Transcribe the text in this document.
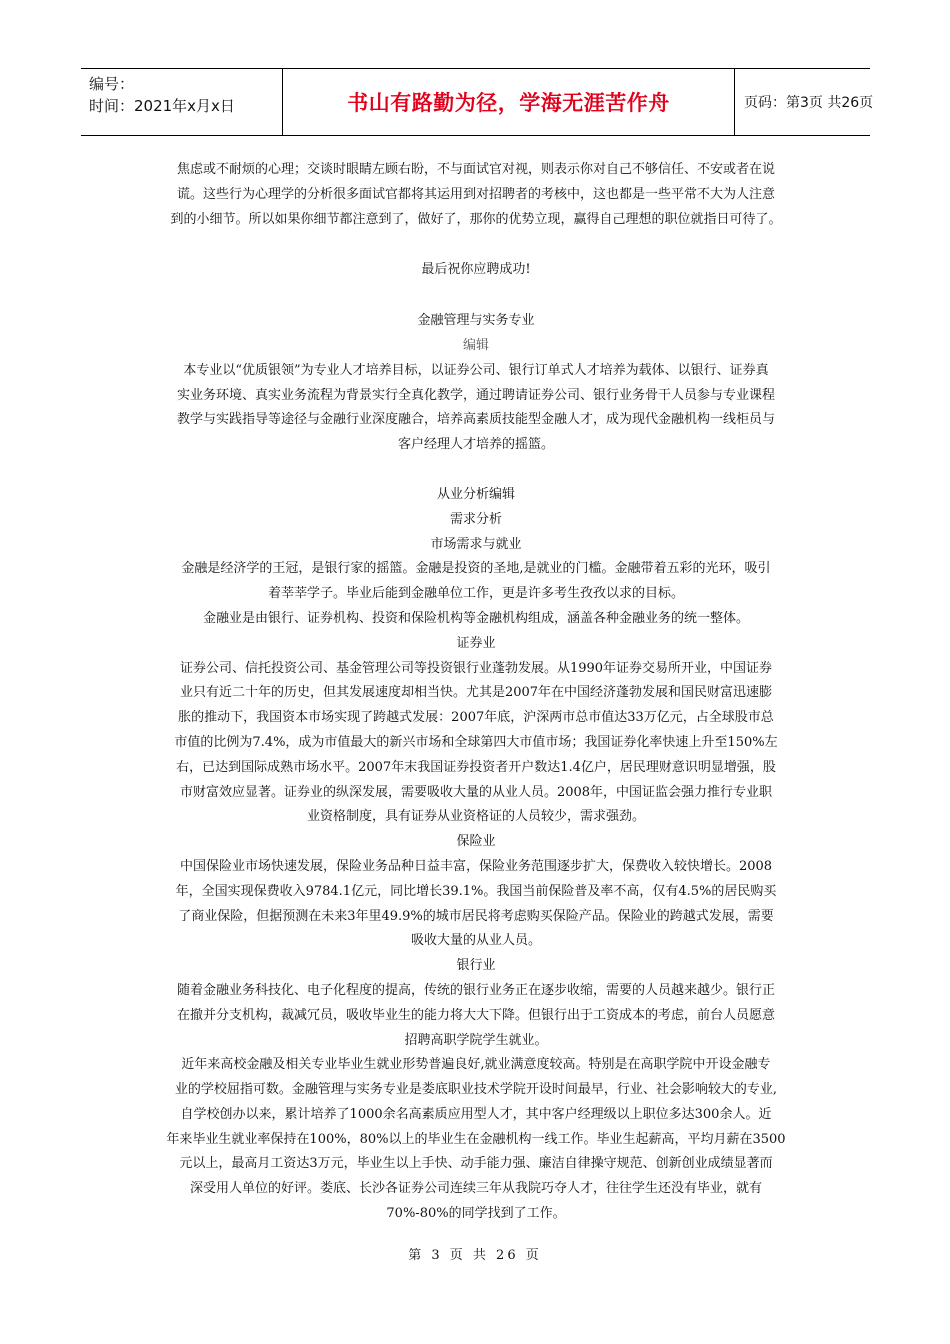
编号：
时间：2021年x月x日	书山有路勤为径，学海无涯苦作舟	页码：第3页 共26页

焦虑或不耐烦的心理；交谈时眼睛左顾右盼，不与面试官对视，则表示你对自己不够信任、不安或者在说

谎。这些行为心理学的分析很多面试官都将其运用到对招聘者的考核中，这也都是一些平常不大为人注意

到的小细节。所以如果你细节都注意到了，做好了，那你的优势立现，赢得自己理想的职位就指日可待了。

最后祝你应聘成功!

金融管理与实务专业

编辑

本专业以“优质银领”为专业人才培养目标，以证券公司、银行订单式人才培养为载体、以银行、证券真

实业务环境、真实业务流程为背景实行全真化教学，通过聘请证券公司、银行业务骨干人员参与专业课程

教学与实践指导等途径与金融行业深度融合，培养高素质技能型金融人才，成为现代金融机构一线柜员与

客户经理人才培养的摇篮。

从业分析编辑

需求分析

市场需求与就业

金融是经济学的王冠，是银行家的摇篮。金融是投资的圣地,是就业的门槛。金融带着五彩的光环，吸引

着莘莘学子。毕业后能到金融单位工作，更是许多考生孜孜以求的目标。

金融业是由银行、证券机构、投资和保险机构等金融机构组成，涵盖各种金融业务的统一整体。

证券业

证券公司、信托投资公司、基金管理公司等投资银行业蓬勃发展。从1990年证券交易所开业，中国证券

业只有近二十年的历史，但其发展速度却相当快。尤其是2007年在中国经济蓬勃发展和国民财富迅速膨

胀的推动下，我国资本市场实现了跨越式发展：2007年底，沪深两市总市值达33万亿元，占全球股市总

市值的比例为7.4%，成为市值最大的新兴市场和全球第四大市值市场；我国证券化率快速上升至150%左

右，已达到国际成熟市场水平。2007年末我国证券投资者开户数达1.4亿户，居民理财意识明显增强，股

市财富效应显著。证券业的纵深发展，需要吸收大量的从业人员。2008年，中国证监会强力推行专业职

业资格制度，具有证券从业资格证的人员较少，需求强劲。

保险业

中国保险业市场快速发展，保险业务品种日益丰富，保险业务范围逐步扩大，保费收入较快增长。2008

年，全国实现保费收入9784.1亿元，同比增长39.1%。我国当前保险普及率不高，仅有4.5%的居民购买

了商业保险，但据预测在未来3年里49.9%的城市居民将考虑购买保险产品。保险业的跨越式发展，需要

吸收大量的从业人员。

银行业

随着金融业务科技化、电子化程度的提高，传统的银行业务正在逐步收缩，需要的人员越来越少。银行正

在撤并分支机构，裁减冗员，吸收毕业生的能力将大大下降。但银行出于工资成本的考虑，前台人员愿意

招聘高职学院学生就业。

近年来高校金融及相关专业毕业生就业形势普遍良好,就业满意度较高。特别是在高职学院中开设金融专

业的学校屈指可数。金融管理与实务专业是娄底职业技术学院开设时间最早，行业、社会影响较大的专业,

自学校创办以来，累计培养了1000余名高素质应用型人才，其中客户经理级以上职位多达300余人。近

年来毕业生就业率保持在100%，80%以上的毕业生在金融机构一线工作。毕业生起薪高，平均月薪在3500

元以上，最高月工资达3万元，毕业生以上手快、动手能力强、廉洁自律操守规范、创新创业成绩显著而

深受用人单位的好评。娄底、长沙各证券公司连续三年从我院巧夺人才，往往学生还没有毕业，就有

70%-80%的同学找到了工作。

第 3 页 共 26 页
